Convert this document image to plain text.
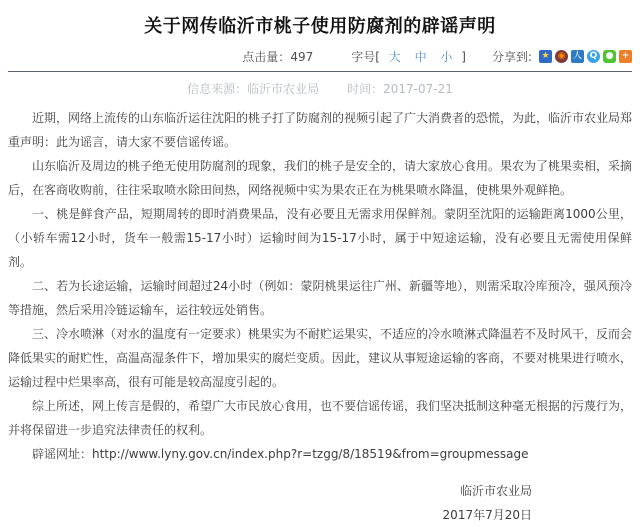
关于网传临沂市桃子使用防腐剂的辟谣声明
点击量：497	字号[ 大 中 小 ] 分享到: ★ ◉ 人 Q ● +
信息来源：临沂市农业局 时间：2017-07-21

近期，网络上流传的山东临沂运往沈阳的桃子打了防腐剂的视频引起了广大消费者的恐慌，为此，临沂市农业局郑重声明：此为谣言，请大家不要信谣传谣。

山东临沂及周边的桃子绝无使用防腐剂的现象，我们的桃子是安全的，请大家放心食用。果农为了桃果卖相，采摘后，在客商收购前，往往采取喷水除田间热，网络视频中实为果农正在为桃果喷水降温，使桃果外观鲜艳。

一、桃是鲜食产品，短期周转的即时消费果品，没有必要且无需求用保鲜剂。蒙阴至沈阳的运输距离1000公里，（小轿车需12小时，货车一般需15-17小时）运输时间为15-17小时，属于中短途运输，没有必要且无需使用保鲜剂。

二、若为长途运输，运输时间超过24小时（例如：蒙阴桃果运往广州、新疆等地），则需采取冷库预冷，强风预冷等措施，然后采用冷链运输车，运往较远处销售。

三、冷水喷淋（对水的温度有一定要求）桃果实为不耐贮运果实，不适应的冷水喷淋式降温若不及时风干，反而会降低果实的耐贮性，高温高湿条件下，增加果实的腐烂变质。因此，建议从事短途运输的客商，不要对桃果进行喷水，运输过程中烂果率高，很有可能是较高湿度引起的。

综上所述，网上传言是假的，希望广大市民放心食用，也不要信谣传谣，我们坚决抵制这种毫无根据的污蔑行为，并将保留进一步追究法律责任的权利。

辟谣网址：http://www.lyny.gov.cn/index.php?r=tzgg/8/18519&from=groupmessage

临沂市农业局
2017年7月20日
